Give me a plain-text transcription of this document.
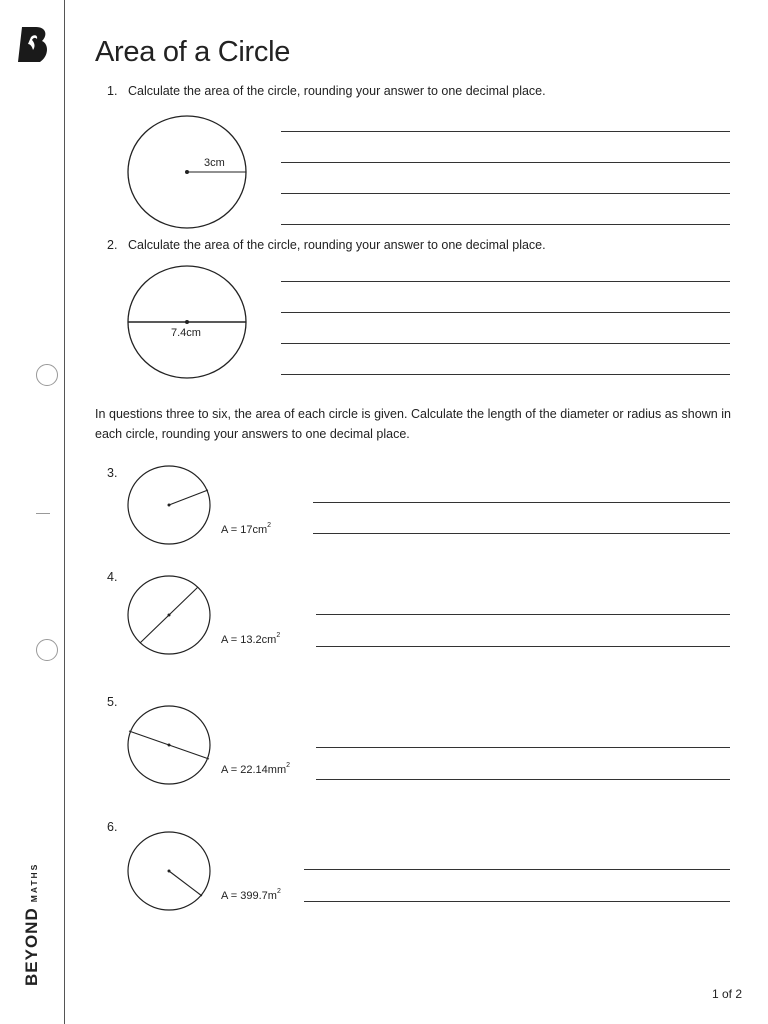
BEYOND
MATHS
Area of a Circle
1. Calculate the area of the circle, rounding your answer to one decimal place.
3cm
2. Calculate the area of the circle, rounding your answer to one decimal place.
7.4cm
In questions three to six, the area of each circle is given. Calculate the length of the diameter or radius as shown in each circle, rounding your answers to one decimal place.
3.
$A = 17cm^2$
4.
$A = 13.2cm^2$
5.
$A = 22.14mm^2$
6.
$A = 399.7m^2$
1 of 2
